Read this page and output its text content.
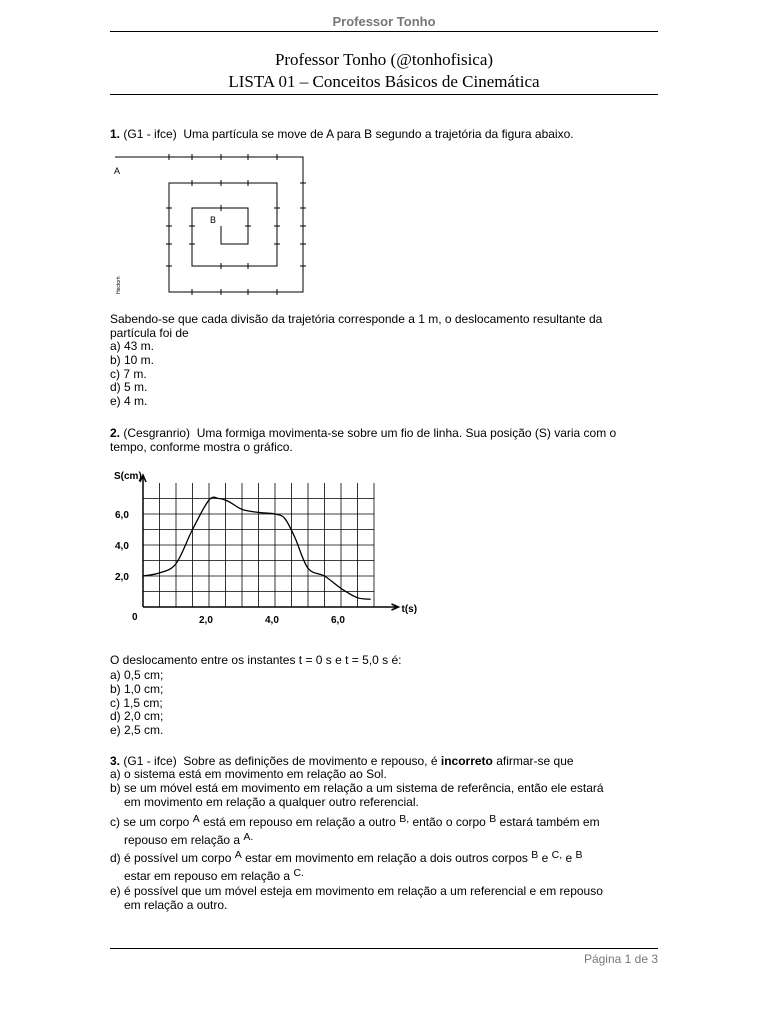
Professor Tonho
Professor Tonho (@tonhofisica)
LISTA 01 – Conceitos Básicos de Cinemática
1. (G1 - ifce) Uma partícula se move de A para B segundo a trajetória da figura abaixo.
A
B
Hectorh
Sabendo-se que cada divisão da trajetória corresponde a 1 m, o deslocamento resultante da
partícula foi de
a) 43 m.
b) 10 m.
c) 7 m.
d) 5 m.
e) 4 m.
2. (Cesgranrio) Uma formiga movimenta-se sobre um fio de linha. Sua posição (S) varia com o
tempo, conforme mostra o gráfico.
S(cm)
t(s)
0	2,0	4,0	6,0
6,0
4,0
2,0
O deslocamento entre os instantes t = 0 s e t = 5,0 s é:
a) 0,5 cm;
b) 1,0 cm;
c) 1,5 cm;
d) 2,0 cm;
e) 2,5 cm.
3. (G1 - ifce) Sobre as definições de movimento e repouso, é incorreto afirmar-se que
a) o sistema está em movimento em relação ao Sol.
b) se um móvel está em movimento em relação a um sistema de referência, então ele estará
em movimento em relação a qualquer outro referencial.
c) se um corpo A está em repouso em relação a outro B, então o corpo B estará também em
repouso em relação a A.
d) é possível um corpo A estar em movimento em relação a dois outros corpos B e C, e B
estar em repouso em relação a C.
e) é possível que um móvel esteja em movimento em relação a um referencial e em repouso
em relação a outro.
Página 1 de 3
